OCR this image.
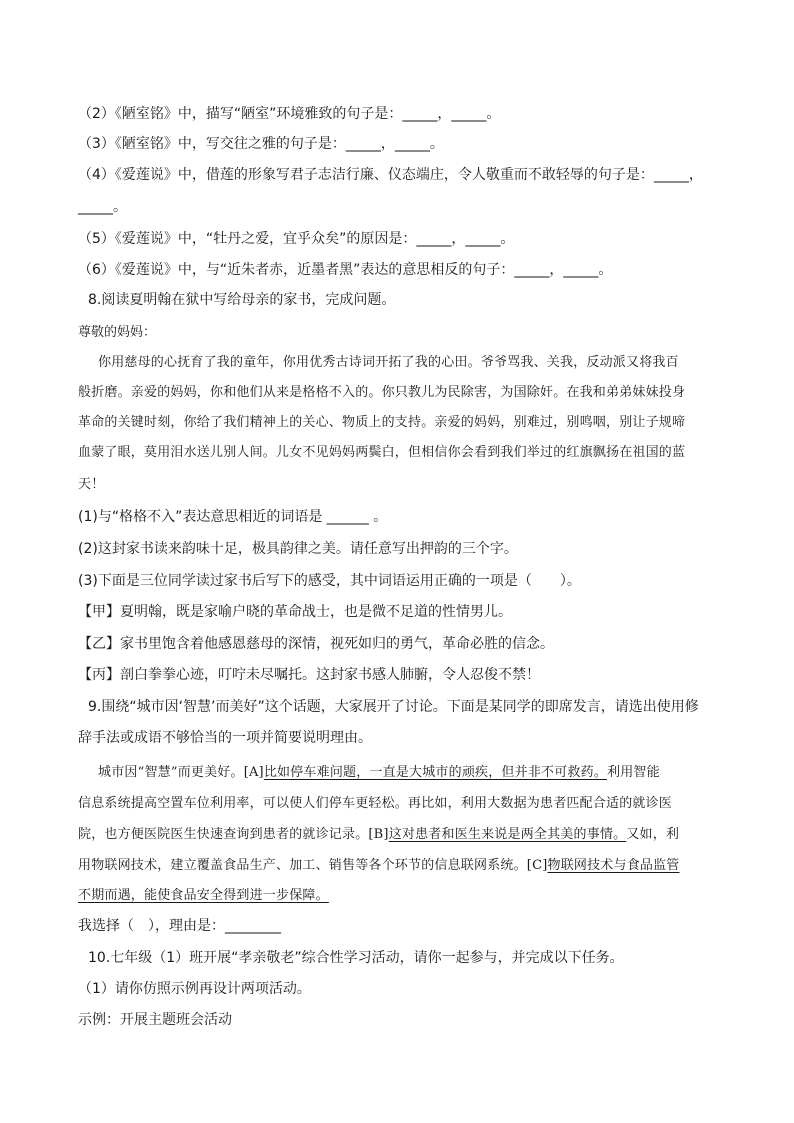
（2）《陋室铭》中，描写“陋室”环境雅致的句子是：_____，_____。
（3）《陋室铭》中，写交往之雅的句子是：_____，_____。
（4）《爱莲说》中，借莲的形象写君子志洁行廉、仪态端庄，令人敬重而不敢轻辱的句子是：_____，
_____。
（5）《爱莲说》中，“牡丹之爱，宜乎众矣”的原因是：_____，_____。
（6）《爱莲说》中，与“近朱者赤，近墨者黑”表达的意思相反的句子：_____，_____。
8.阅读夏明翰在狱中写给母亲的家书，完成问题。
尊敬的妈妈：
你用慈母的心抚育了我的童年，你用优秀古诗词开拓了我的心田。爷爷骂我、关我，反动派又将我百
般折磨。亲爱的妈妈，你和他们从来是格格不入的。你只教儿为民除害，为国除奸。在我和弟弟妹妹投身
革命的关键时刻，你给了我们精神上的关心、物质上的支持。亲爱的妈妈，别难过，别鸣咽，别让子规啼
血蒙了眼，莫用泪水送儿别人间。儿女不见妈妈两鬓白，但相信你会看到我们举过的红旗飘扬在祖国的蓝
天！
(1)与“格格不入”表达意思相近的词语是 ______ 。
(2)这封家书读来韵味十足，极具韵律之美。请任意写出押韵的三个字。
(3)下面是三位同学读过家书后写下的感受，其中词语运用正确的一项是（　　）。
【甲】夏明翰，既是家喻户晓的革命战士，也是微不足道的性情男儿。
【乙】家书里饱含着他感恩慈母的深情，视死如归的勇气，革命必胜的信念。
【丙】剖白拳拳心迹，叮咛未尽嘱托。这封家书感人肺腑，令人忍俊不禁！
9.围绕“城市因‘智慧’而美好”这个话题，大家展开了讨论。下面是某同学的即席发言，请选出使用修
辞手法或成语不够恰当的一项并简要说明理由。
城市因“智慧”而更美好。[A]比如停车难问题，一直是大城市的顽疾，但并非不可救药。利用智能
信息系统提高空置车位利用率，可以使人们停车更轻松。再比如，利用大数据为患者匹配合适的就诊医
院，也方便医院医生快速查询到患者的就诊记录。[B]这对患者和医生来说是两全其美的事情。又如，利
用物联网技术，建立覆盖食品生产、加工、销售等各个环节的信息联网系统。[C]物联网技术与食品监管
不期而遇，能使食品安全得到进一步保障。
我选择（　），理由是：________
10.七年级（1）班开展“孝亲敬老”综合性学习活动，请你一起参与，并完成以下任务。
（1）请你仿照示例再设计两项活动。
示例：开展主题班会活动
